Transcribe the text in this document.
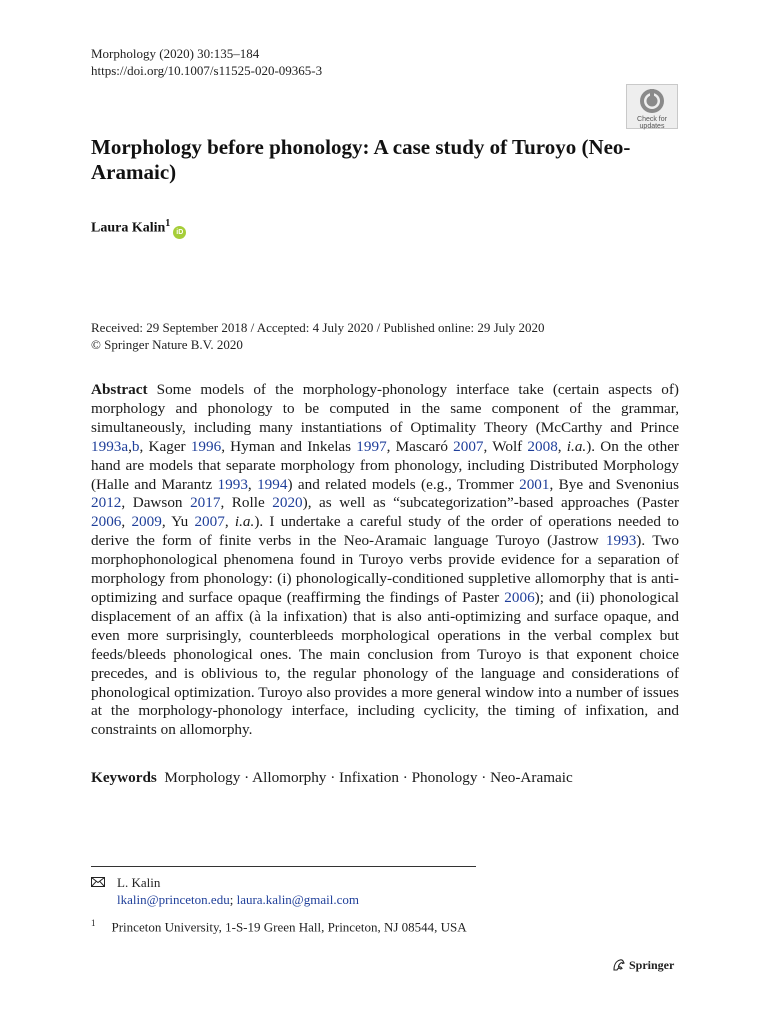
Morphology (2020) 30:135–184
https://doi.org/10.1007/s11525-020-09365-3
Check for
updates
Morphology before phonology: A case study of Turoyo (Neo-Aramaic)
Laura Kalin$^1$iD
Received: 29 September 2018 / Accepted: 4 July 2020 / Published online: 29 July 2020
© Springer Nature B.V. 2020

Abstract Some models of the morphology-phonology interface take (certain aspects of) morphology and phonology to be computed in the same component of the grammar, simultaneously, including many instantiations of Optimality Theory (McCarthy and Prince 1993a,b, Kager 1996, Hyman and Inkelas 1997, Mascaró 2007, Wolf 2008, i.a.). On the other hand are models that separate morphology from phonology, including Distributed Morphology (Halle and Marantz 1993, 1994) and related models (e.g., Trommer 2001, Bye and Svenonius 2012, Dawson 2017, Rolle 2020), as well as “subcategorization”-based approaches (Paster 2006, 2009, Yu 2007, i.a.). I undertake a careful study of the order of operations needed to derive the form of finite verbs in the Neo-Aramaic language Turoyo (Jastrow 1993). Two morphophonological phenomena found in Turoyo verbs provide evidence for a separation of morphology from phonology: (i) phonologically-conditioned suppletive allomorphy that is anti-optimizing and surface opaque (reaffirming the findings of Paster 2006); and (ii) phonological displacement of an affix (à la infixation) that is also anti-optimizing and surface opaque, and even more surprisingly, counterbleeds morphological operations in the verbal complex but feeds/bleeds phonological ones. The main conclusion from Turoyo is that exponent choice precedes, and is oblivious to, the regular phonology of the language and considerations of phonological optimization. Turoyo also provides a more general window into a number of issues at the morphology-phonology interface, including cyclicity, the timing of infixation, and constraints on allomorphy.

Keywords Morphology · Allomorphy · Infixation · Phonology · Neo-Aramaic
L. Kalin
lkalin@princeton.edu; laura.kalin@gmail.com
$^1$ Princeton University, 1-S-19 Green Hall, Princeton, NJ 08544, USA
Springer
